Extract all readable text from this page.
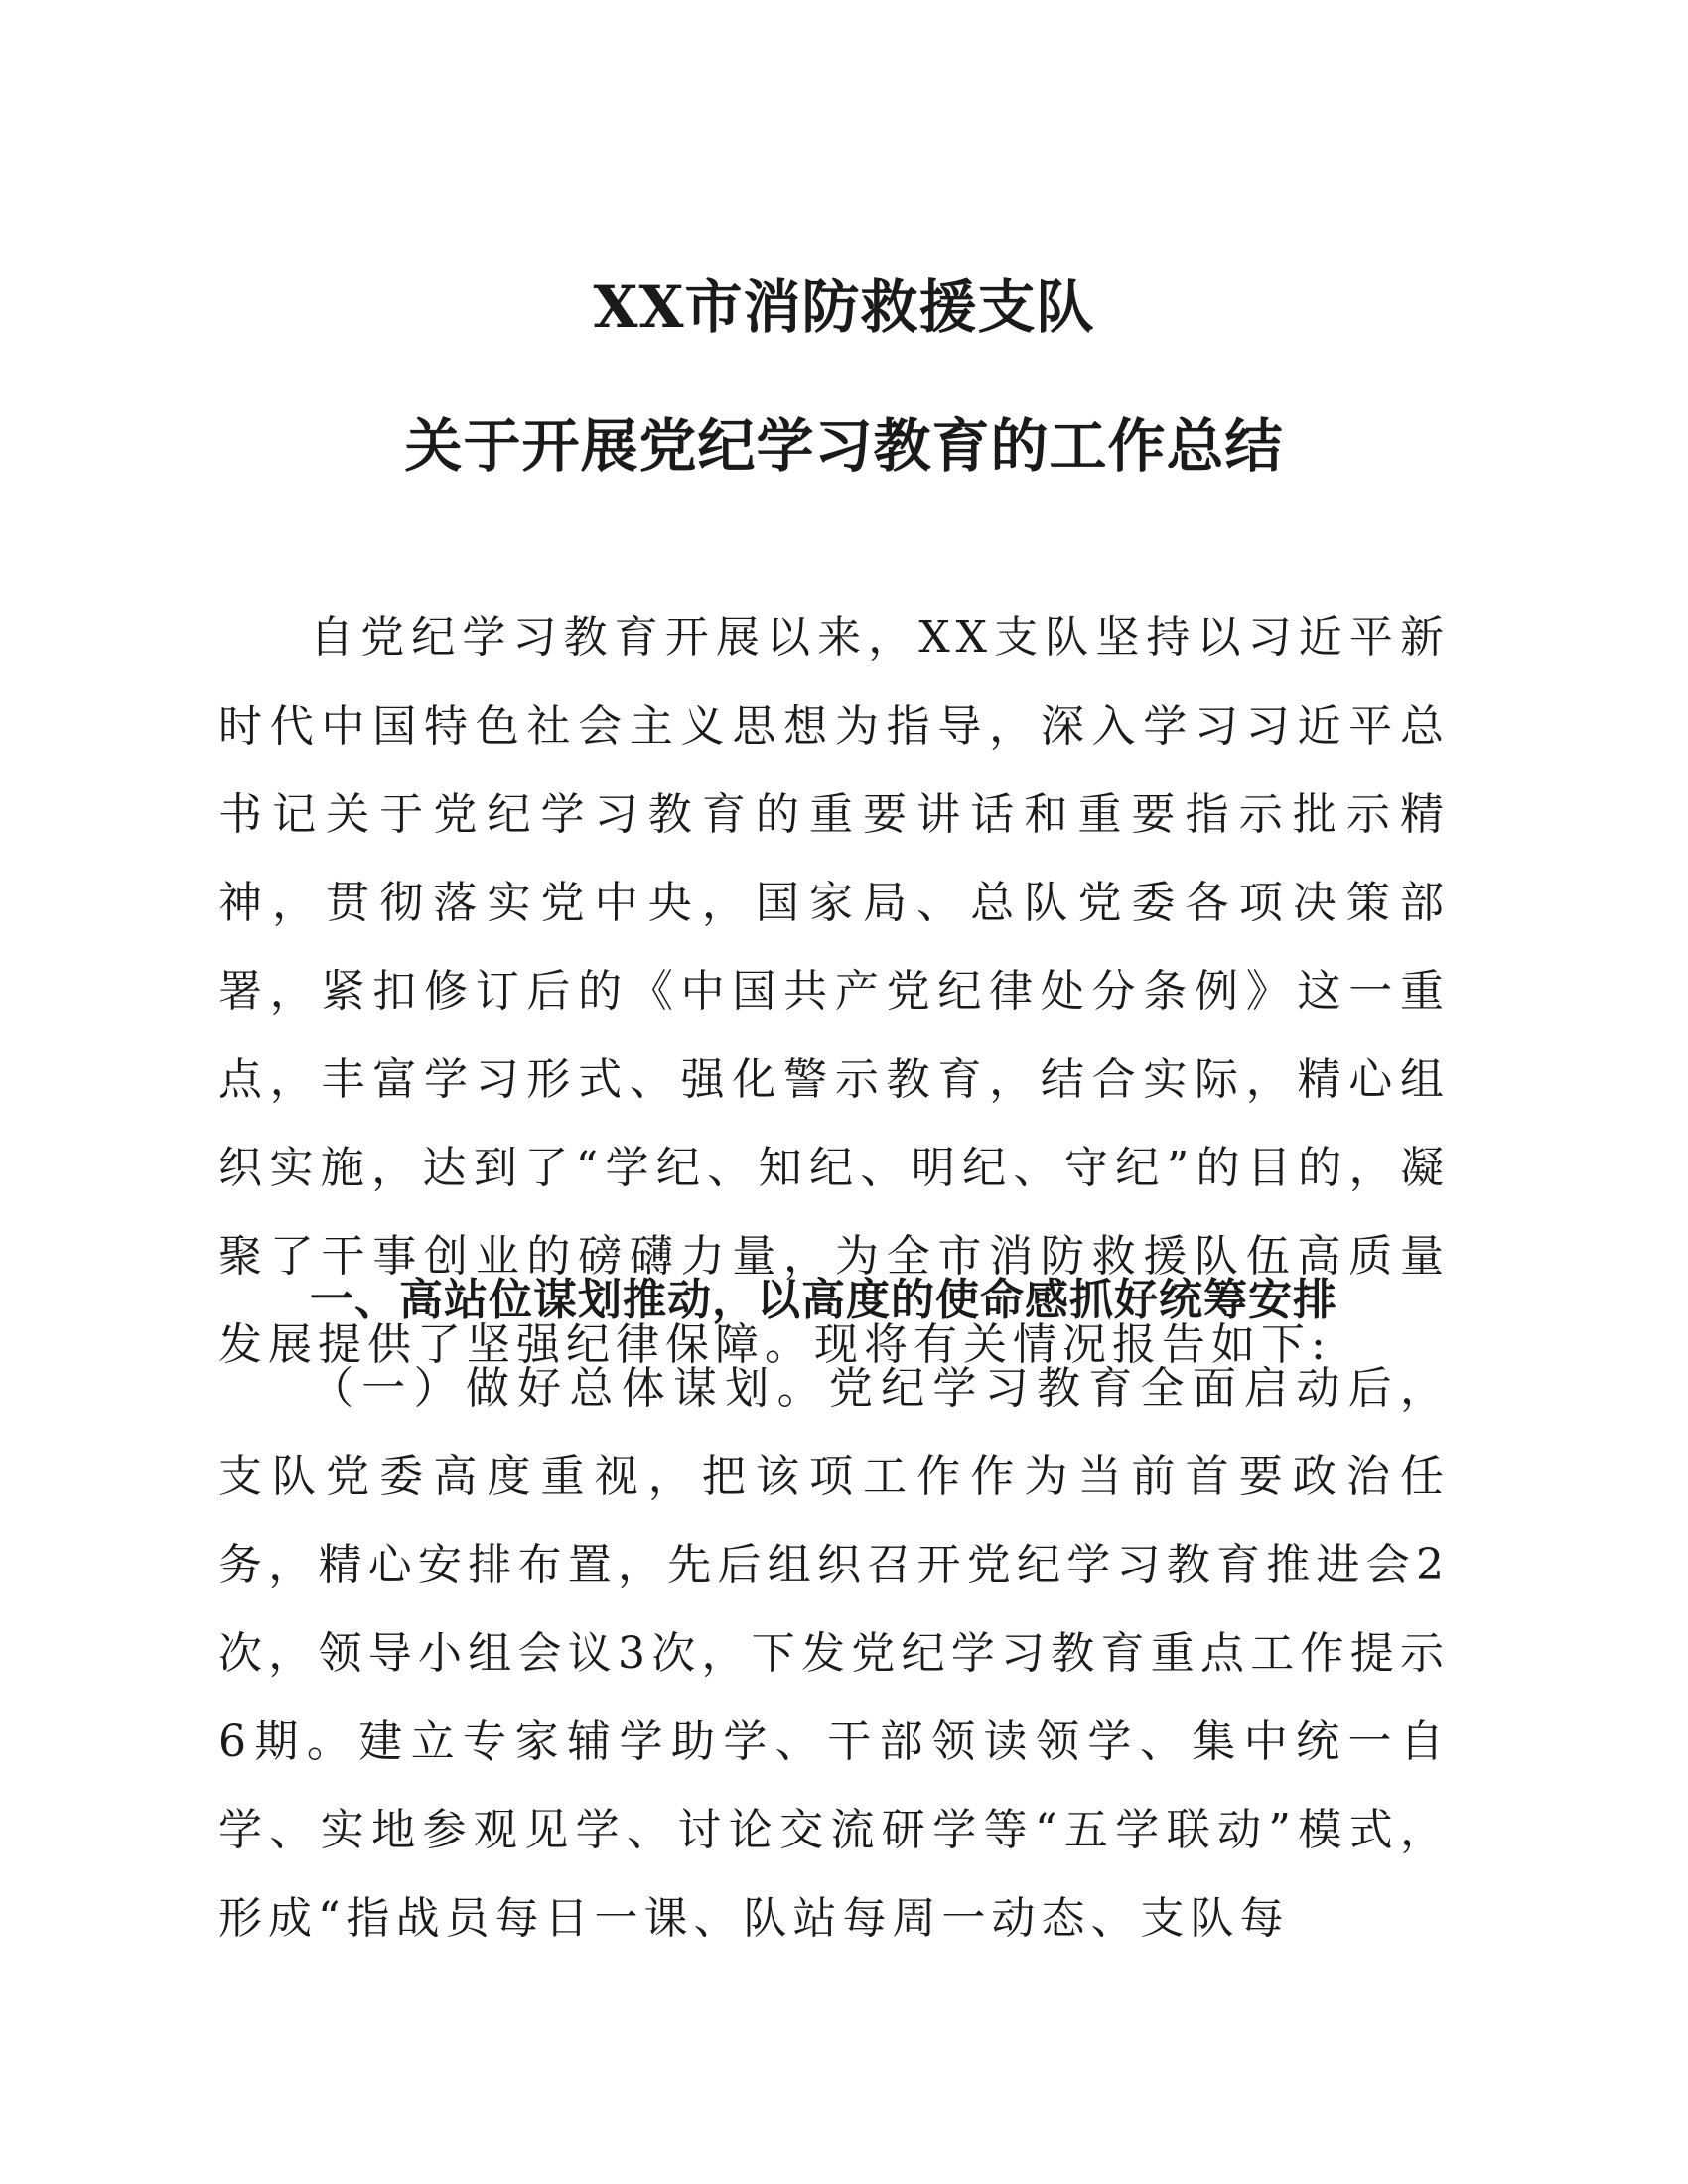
XX市消防救援支队
关于开展党纪学习教育的工作总结

自党纪学习教育开展以来，XX支队坚持以习近平新时代中国特色社会主义思想为指导，深入学习习近平总书记关于党纪学习教育的重要讲话和重要指示批示精神，贯彻落实党中央，国家局、总队党委各项决策部署，紧扣修订后的《中国共产党纪律处分条例》这一重点，丰富学习形式、强化警示教育，结合实际，精心组织实施，达到了“学纪、知纪、明纪、守纪”的目的，凝聚了干事创业的磅礴力量，为全市消防救援队伍高质量发展提供了坚强纪律保障。现将有关情况报告如下:

一、高站位谋划推动，以高度的使命感抓好统筹安排

（一）做好总体谋划。党纪学习教育全面启动后，支队党委高度重视，把该项工作作为当前首要政治任务，精心安排布置，先后组织召开党纪学习教育推进会2次，领导小组会议3次，下发党纪学习教育重点工作提示6期。建立专家辅学助学、干部领读领学、集中统一自学、实地参观见学、讨论交流研学等“五学联动”模式，形成“指战员每日一课、队站每周一动态、支队每
